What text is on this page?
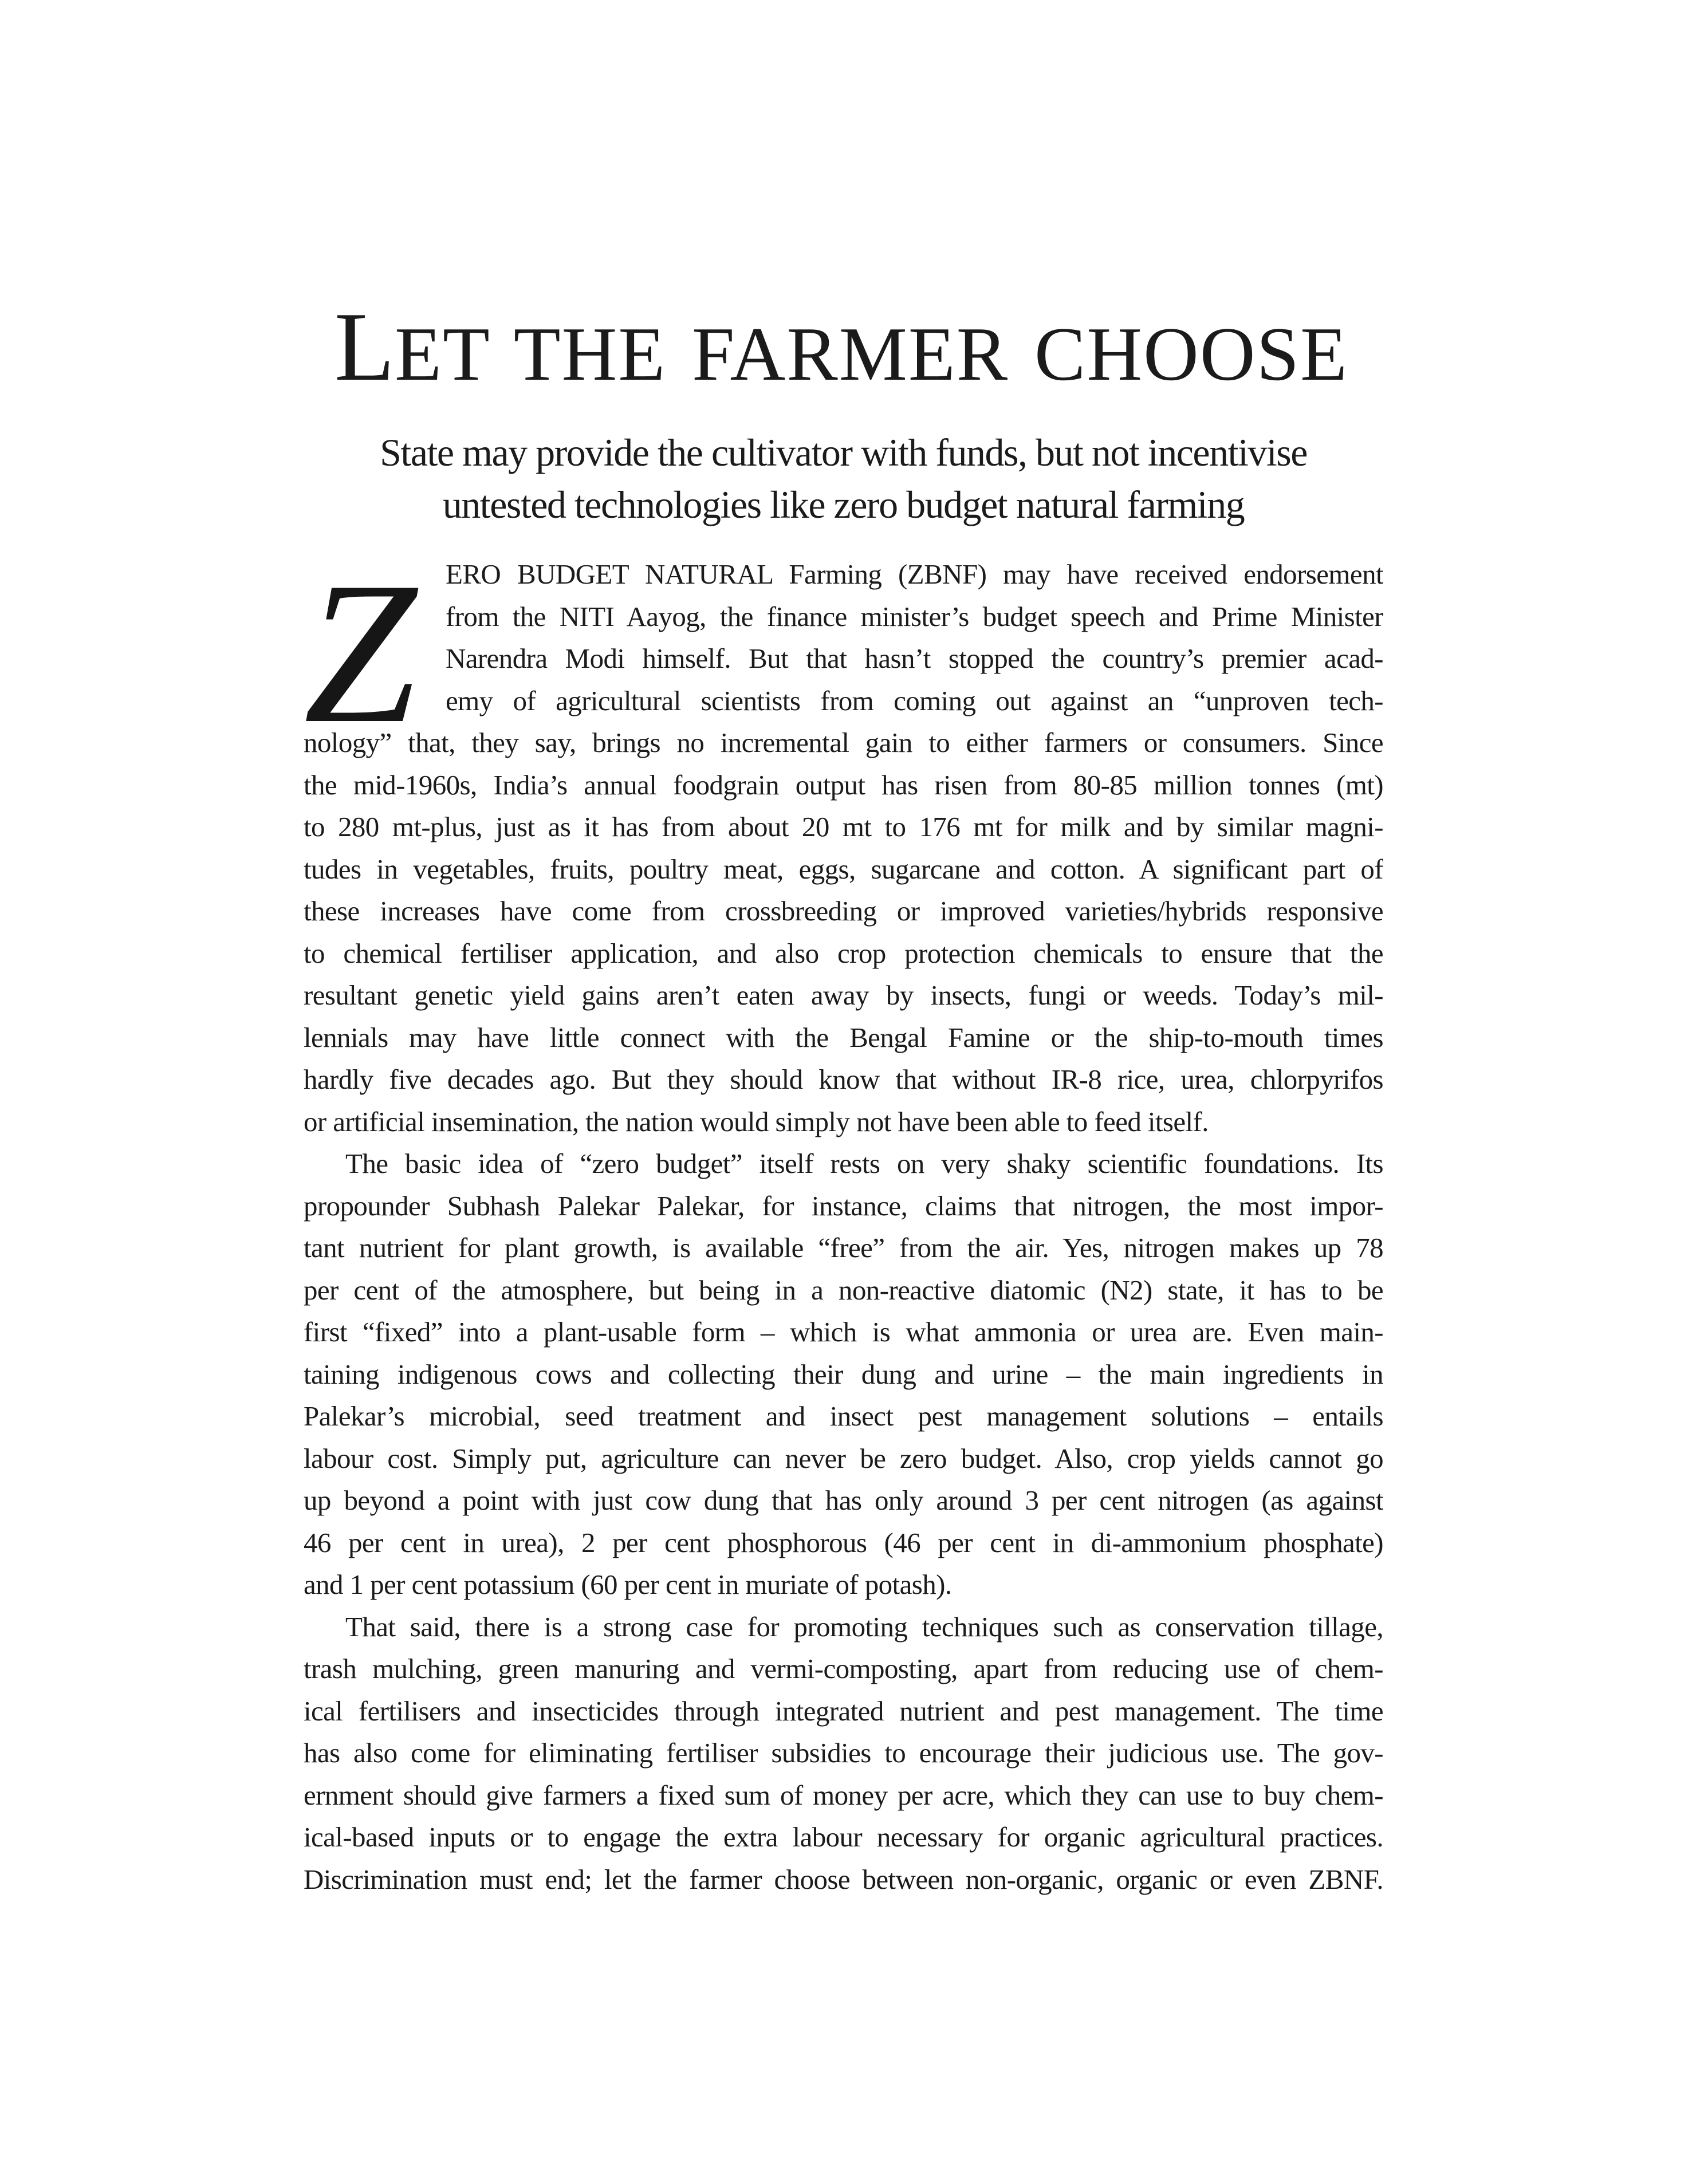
LET THE FARMER CHOOSE
State may provide the cultivator with funds, but not incentivise
untested technologies like zero budget natural farming
Z ERO BUDGET NATURAL Farming (ZBNF) may have received endorsement
from the NITI Aayog, the finance minister’s budget speech and Prime Minister
Narendra Modi himself. But that hasn’t stopped the country’s premier acad-
emy of agricultural scientists from coming out against an “unproven tech-
nology” that, they say, brings no incremental gain to either farmers or consumers. Since
the mid-1960s, India’s annual foodgrain output has risen from 80-85 million tonnes (mt)
to 280 mt-plus, just as it has from about 20 mt to 176 mt for milk and by similar magni-
tudes in vegetables, fruits, poultry meat, eggs, sugarcane and cotton. A significant part of
these increases have come from crossbreeding or improved varieties/hybrids responsive
to chemical fertiliser application, and also crop protection chemicals to ensure that the
resultant genetic yield gains aren’t eaten away by insects, fungi or weeds. Today’s mil-
lennials may have little connect with the Bengal Famine or the ship-to-mouth times
hardly five decades ago. But they should know that without IR-8 rice, urea, chlorpyrifos
or artificial insemination, the nation would simply not have been able to feed itself.
The basic idea of “zero budget” itself rests on very shaky scientific foundations. Its
propounder Subhash Palekar Palekar, for instance, claims that nitrogen, the most impor-
tant nutrient for plant growth, is available “free” from the air. Yes, nitrogen makes up 78
per cent of the atmosphere, but being in a non-reactive diatomic (N2) state, it has to be
first “fixed” into a plant-usable form – which is what ammonia or urea are. Even main-
taining indigenous cows and collecting their dung and urine – the main ingredients in
Palekar’s microbial, seed treatment and insect pest management solutions – entails
labour cost. Simply put, agriculture can never be zero budget. Also, crop yields cannot go
up beyond a point with just cow dung that has only around 3 per cent nitrogen (as against
46 per cent in urea), 2 per cent phosphorous (46 per cent in di-ammonium phosphate)
and 1 per cent potassium (60 per cent in muriate of potash).
That said, there is a strong case for promoting techniques such as conservation tillage,
trash mulching, green manuring and vermi-composting, apart from reducing use of chem-
ical fertilisers and insecticides through integrated nutrient and pest management. The time
has also come for eliminating fertiliser subsidies to encourage their judicious use. The gov-
ernment should give farmers a fixed sum of money per acre, which they can use to buy chem-
ical-based inputs or to engage the extra labour necessary for organic agricultural practices.
Discrimination must end; let the farmer choose between non-organic, organic or even ZBNF.
